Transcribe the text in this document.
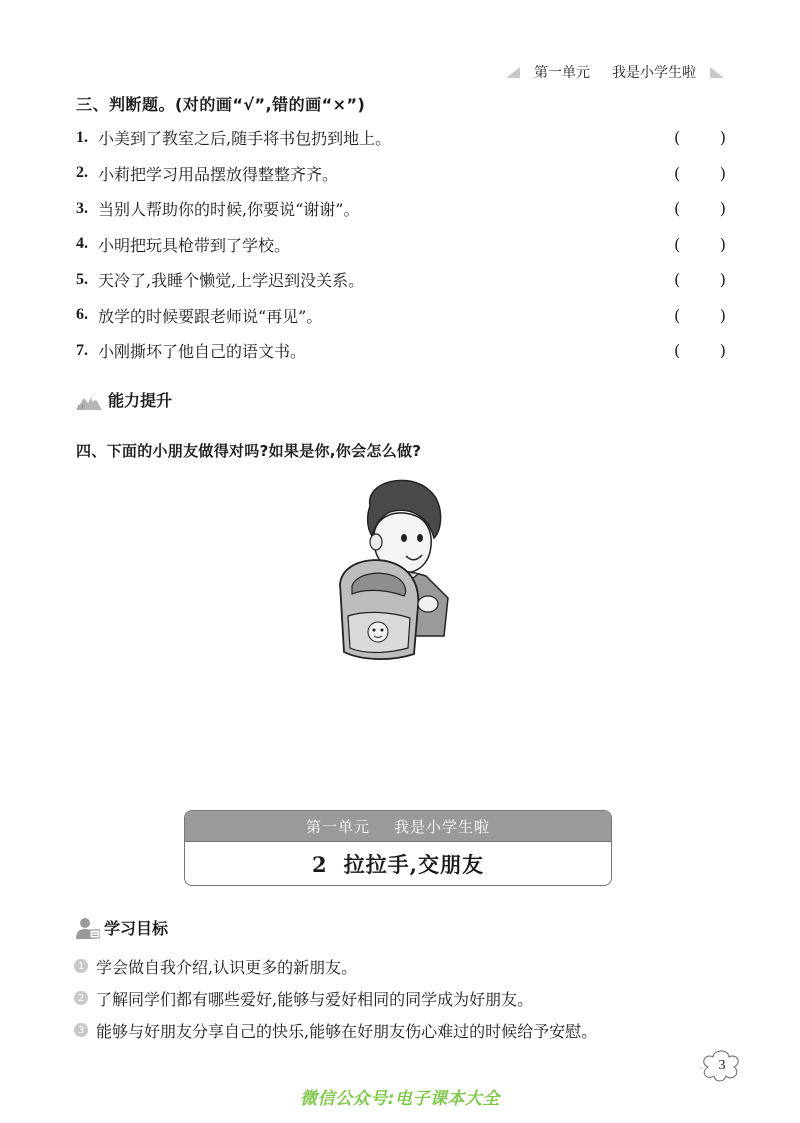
第一单元 我是小学生啦
三、判断题。(对的画“√”,错的画“×”)
1. 小美到了教室之后,随手将书包扔到地上。	( )
2. 小莉把学习用品摆放得整整齐齐。	( )
3. 当别人帮助你的时候,你要说“谢谢”。	( )
4. 小明把玩具枪带到了学校。	( )
5. 天冷了,我睡个懒觉,上学迟到没关系。	( )
6. 放学的时候要跟老师说“再见”。	( )
7. 小刚撕坏了他自己的语文书。	( )
能力提升
四、下面的小朋友做得对吗?如果是你,你会怎么做?
第一单元 我是小学生啦
2 拉拉手,交朋友
学习目标
1 学会做自我介绍,认识更多的新朋友。
2 了解同学们都有哪些爱好,能够与爱好相同的同学成为好朋友。
3 能够与好朋友分享自己的快乐,能够在好朋友伤心难过的时候给予安慰。
3
微信公众号:电子课本大全
